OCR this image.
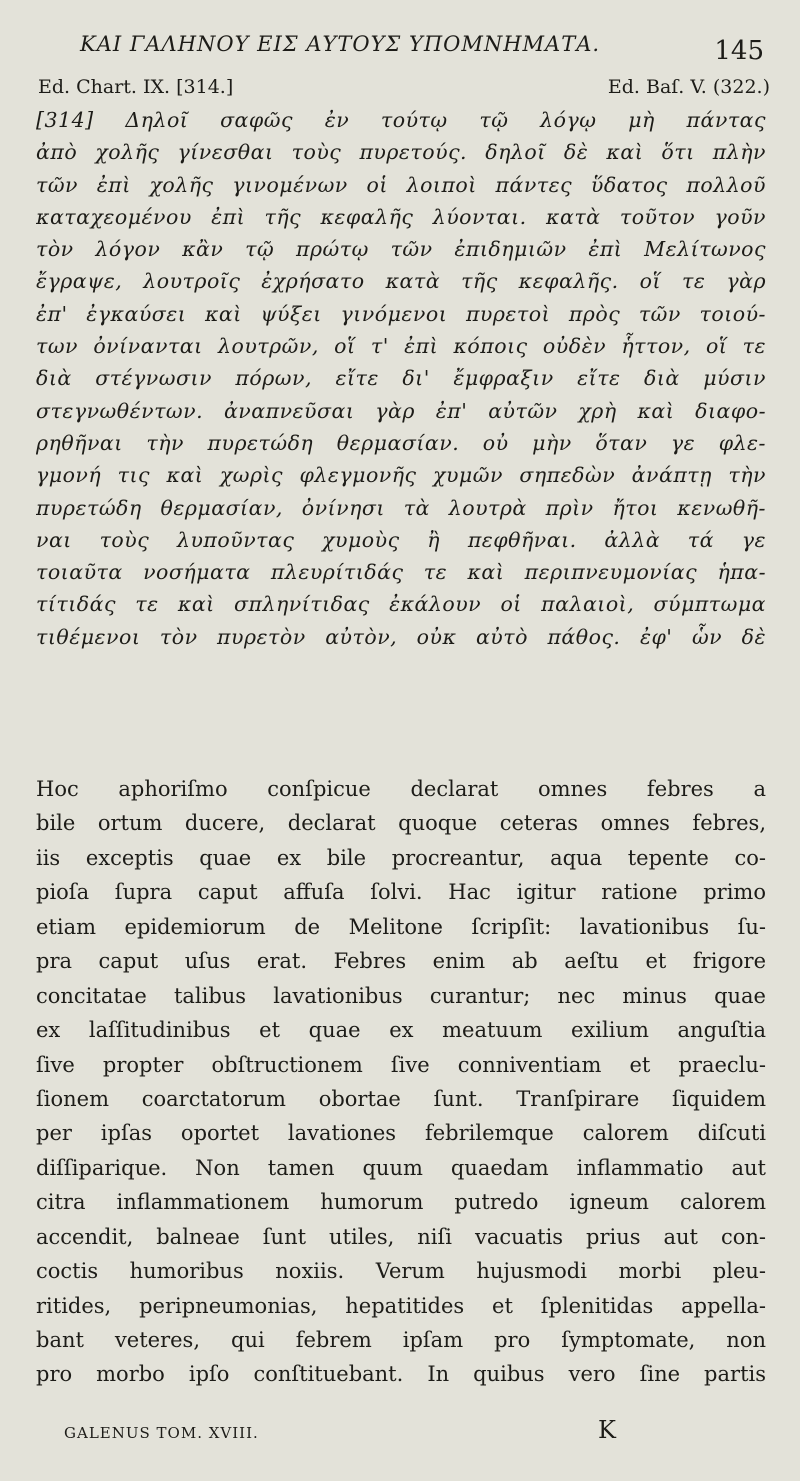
ΚΑΙ ΓΑΛΗΝΟΥ ΕΙΣ ΑΥΤΟΥΣ ΥΠΟΜΝΗΜΑΤΑ.	145
Ed. Chart. IX. [314.]	Ed. Baſ. V. (322.)
[314] Δηλοῖ σαφῶς ἐν τούτῳ τῷ λόγῳ μὴ πάντας
ἀπὸ χολῆς γίνεσθαι τοὺς πυρετούς. δηλοῖ δὲ καὶ ὅτι πλὴν
τῶν ἐπὶ χολῆς γινομένων οἱ λοιποὶ πάντες ὕδατος πολλοῦ
καταχεομένου ἐπὶ τῆς κεφαλῆς λύονται. κατὰ τοῦτον γοῦν
τὸν λόγον κἂν τῷ πρώτῳ τῶν ἐπιδημιῶν ἐπὶ Μελίτωνος
ἔγραψε, λουτροῖς ἐχρήσατο κατὰ τῆς κεφαλῆς. οἵ τε γὰρ
ἐπ' ἐγκαύσει καὶ ψύξει γινόμενοι πυρετοὶ πρὸς τῶν τοιού-
των ὀνίνανται λουτρῶν, οἵ τ' ἐπὶ κόποις οὐδὲν ἧττον, οἵ τε
διὰ στέγνωσιν πόρων, εἴτε δι' ἔμφραξιν εἴτε διὰ μύσιν
στεγνωθέντων. ἀναπνεῦσαι γὰρ ἐπ' αὐτῶν χρὴ καὶ διαφο-
ρηθῆναι τὴν πυρετώδη θερμασίαν. οὐ μὴν ὅταν γε φλε-
γμονή τις καὶ χωρὶς φλεγμονῆς χυμῶν σηπεδὼν ἀνάπτῃ τὴν
πυρετώδη θερμασίαν, ὀνίνησι τὰ λουτρὰ πρὶν ἤτοι κενωθῆ-
ναι τοὺς λυποῦντας χυμοὺς ἢ πεφθῆναι. ἀλλὰ τά γε
τοιαῦτα νοσήματα πλευρίτιδάς τε καὶ περιπνευμονίας ἡπα-
τίτιδάς τε καὶ σπληνίτιδας ἐκάλουν οἱ παλαιοὶ, σύμπτωμα
τιθέμενοι τὸν πυρετὸν αὐτὸν, οὐκ αὐτὸ πάθος. ἐφ' ὧν δὲ
Hoc aphoriſmo conſpicue declarat omnes febres a
bile ortum ducere, declarat quoque ceteras omnes febres,
iis exceptis quae ex bile procreantur, aqua tepente co-
pioſa ſupra caput affuſa ſolvi. Hac igitur ratione primo
etiam epidemiorum de Melitone ſcripſit: lavationibus ſu-
pra caput uſus erat. Febres enim ab aeſtu et frigore
concitatae talibus lavationibus curantur; nec minus quae
ex laſſitudinibus et quae ex meatuum exilium anguſtia
ſive propter obſtructionem ſive conniventiam et praeclu-
ſionem coarctatorum obortae ſunt. Tranſpirare ſiquidem
per ipſas oportet lavationes febrilemque calorem diſcuti
diſſiparique. Non tamen quum quaedam inflammatio aut
citra inflammationem humorum putredo igneum calorem
accendit, balneae ſunt utiles, niſi vacuatis prius aut con-
coctis humoribus noxiis. Verum hujusmodi morbi pleu-
ritides, peripneumonias, hepatitides et ſplenitidas appella-
bant veteres, qui febrem ipſam pro ſymptomate, non
pro morbo ipſo conſtituebant. In quibus vero ſine partis
GALENUS TOM. XVIII.	K
